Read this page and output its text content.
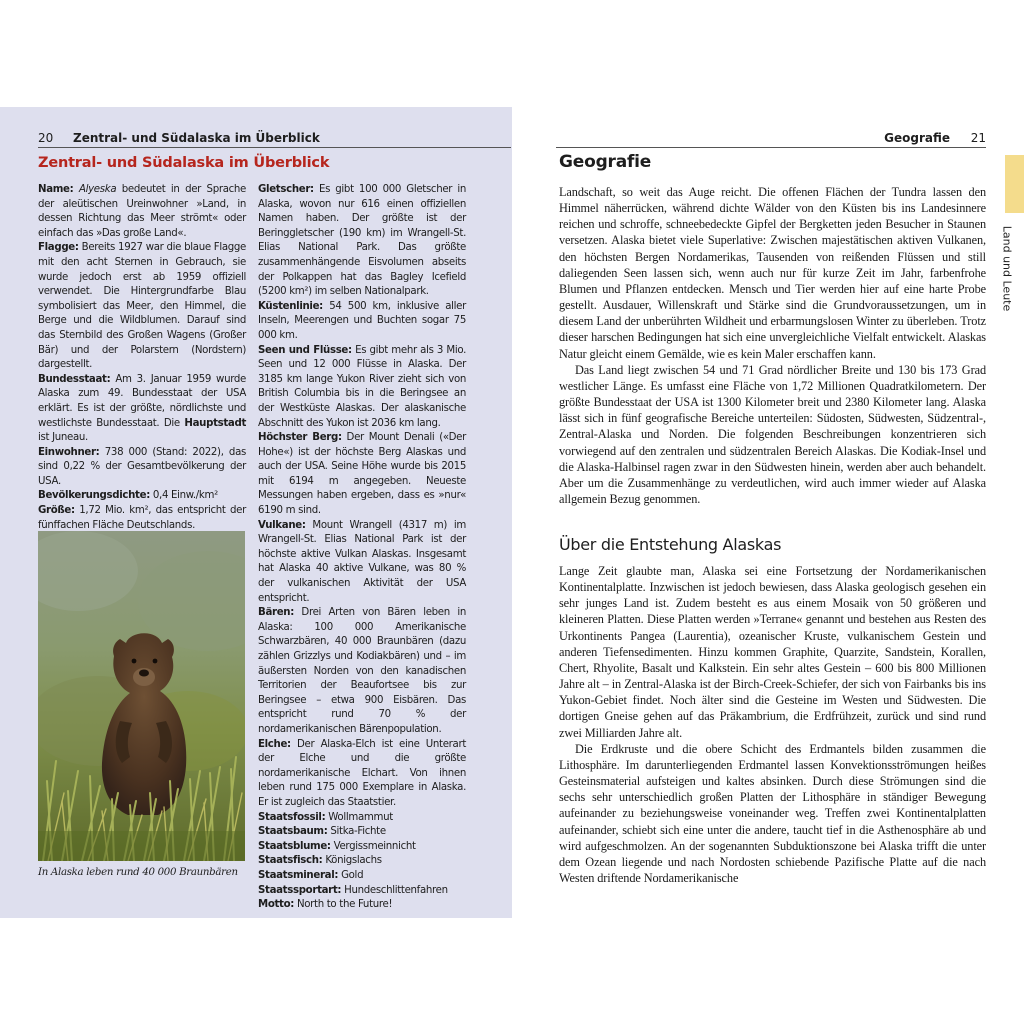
20 Zentral- und Südalaska im Überblick
Zentral- und Südalaska im Überblick

Name: Alyeska bedeutet in der Sprache der aleütischen Ureinwohner »Land, in dessen Richtung das Meer strömt« oder einfach das »Das große Land«.

Flagge: Bereits 1927 war die blaue Flagge mit den acht Sternen in Gebrauch, sie wurde jedoch erst ab 1959 offiziell verwendet. Die Hintergrundfarbe Blau symbolisiert das Meer, den Himmel, die Berge und die Wildblumen. Darauf sind das Sternbild des Großen Wagens (Großer Bär) und der Polarstern (Nordstern) dargestellt.

Bundesstaat: Am 3. Januar 1959 wurde Alaska zum 49. Bundesstaat der USA erklärt. Es ist der größte, nördlichste und westlichste Bundesstaat. Die Hauptstadt ist Juneau.

Einwohner: 738 000 (Stand: 2022), das sind 0,22 % der Gesamtbevölkerung der USA.

Bevölkerungsdichte: 0,4 Einw./km²

Größe: 1,72 Mio. km², das entspricht der fünffachen Fläche Deutschlands.

Gletscher: Es gibt 100 000 Gletscher in Alaska, wovon nur 616 einen offiziellen Namen haben. Der größte ist der Beringgletscher (190 km) im Wrangell-St. Elias National Park. Das größte zusammenhängende Eisvolumen abseits der Polkappen hat das Bagley Icefield (5200 km²) im selben Nationalpark.

Küstenlinie: 54 500 km, inklusive aller Inseln, Meerengen und Buchten sogar 75 000 km.

Seen und Flüsse: Es gibt mehr als 3 Mio. Seen und 12 000 Flüsse in Alaska. Der 3185 km lange Yukon River zieht sich von British Columbia bis in die Beringsee an der Westküste Alaskas. Der alaskanische Abschnitt des Yukon ist 2036 km lang.

Höchster Berg: Der Mount Denali («Der Hohe«) ist der höchste Berg Alaskas und auch der USA. Seine Höhe wurde bis 2015 mit 6194 m angegeben. Neueste Messungen haben ergeben, dass es »nur« 6190 m sind.

Vulkane: Mount Wrangell (4317 m) im Wrangell-St. Elias National Park ist der höchste aktive Vulkan Alaskas. Insgesamt hat Alaska 40 aktive Vulkane, was 80 % der vulkanischen Aktivität der USA entspricht.

Bären: Drei Arten von Bären leben in Alaska: 100 000 Amerikanische Schwarzbären, 40 000 Braunbären (dazu zählen Grizzlys und Kodiakbären) und – im äußersten Norden von den kanadischen Territorien der Beaufortsee bis zur Beringsee – etwa 900 Eisbären. Das entspricht rund 70 % der nordamerikanischen Bärenpopulation.

Elche: Der Alaska-Elch ist eine Unterart der Elche und die größte nordamerikanische Elchart. Von ihnen leben rund 175 000 Exemplare in Alaska. Er ist zugleich das Staatstier.

Staatsfossil: Wollmammut

Staatsbaum: Sitka-Fichte

Staatsblume: Vergissmeinnicht

Staatsfisch: Königslachs

Staatsmineral: Gold

Staatssportart: Hundeschlittenfahren

Motto: North to the Future!

In Alaska leben rund 40 000 Braunbären
Geografie	21
Land und Leute
Geografie

Landschaft, so weit das Auge reicht. Die offenen Flächen der Tundra lassen den Himmel näherrücken, während dichte Wälder von den Küsten bis ins Landesinnere reichen und schroffe, schneebedeckte Gipfel der Bergketten jeden Besucher in Staunen versetzen. Alaska bietet viele Superlative: Zwischen majestätischen aktiven Vulkanen, den höchsten Bergen Nordamerikas, Tausenden von reißenden Flüssen und still daliegenden Seen lassen sich, wenn auch nur für kurze Zeit im Jahr, farbenfrohe Blumen und Pflanzen entdecken. Mensch und Tier werden hier auf eine harte Probe gestellt. Ausdauer, Willenskraft und Stärke sind die Grundvoraussetzungen, um in diesem Land der unberührten Wildheit und erbarmungslosen Winter zu überleben. Trotz dieser harschen Bedingungen hat sich eine unvergleichliche Vielfalt entwickelt. Alaskas Natur gleicht einem Gemälde, wie es kein Maler erschaffen kann.

Das Land liegt zwischen 54 und 71 Grad nördlicher Breite und 130 bis 173 Grad westlicher Länge. Es umfasst eine Fläche von 1,72 Millionen Quadratkilometern. Der größte Bundesstaat der USA ist 1300 Kilometer breit und 2380 Kilometer lang. Alaska lässt sich in fünf geografische Bereiche unterteilen: Südosten, Südwesten, Südzentral-, Zentral-Alaska und Norden. Die folgenden Beschreibungen konzentrieren sich vorwiegend auf den zentralen und südzentralen Bereich Alaskas. Die Kodiak-Insel und die Alaska-Halbinsel ragen zwar in den Südwesten hinein, werden aber auch behandelt. Aber um die Zusammenhänge zu verdeutlichen, wird auch immer wieder auf Alaska allgemein Bezug genommen.

Über die Entstehung Alaskas

Lange Zeit glaubte man, Alaska sei eine Fortsetzung der Nordamerikanischen Kontinentalplatte. Inzwischen ist jedoch bewiesen, dass Alaska geologisch gesehen ein sehr junges Land ist. Zudem besteht es aus einem Mosaik von 50 größeren und kleineren Platten. Diese Platten werden »Terrane« genannt und bestehen aus Resten des Urkontinents Pangea (Laurentia), ozeanischer Kruste, vulkanischem Gestein und anderen Tiefensedimenten. Hinzu kommen Graphite, Quarzite, Sandstein, Korallen, Chert, Rhyolite, Basalt und Kalkstein. Ein sehr altes Gestein – 600 bis 800 Millionen Jahre alt – in Zentral-Alaska ist der Birch-Creek-Schiefer, der sich von Fairbanks bis ins Yukon-Gebiet findet. Noch älter sind die Gesteine im Westen und Südwesten. Die dortigen Gneise gehen auf das Präkambrium, die Erdfrühzeit, zurück und sind rund zwei Milliarden Jahre alt.

Die Erdkruste und die obere Schicht des Erdmantels bilden zusammen die Lithosphäre. Im darunterliegenden Erdmantel lassen Konvektionsströmungen heißes Gesteinsmaterial aufsteigen und kaltes absinken. Durch diese Strömungen sind die sechs sehr unterschiedlich großen Platten der Lithosphäre in ständiger Bewegung aufeinander zu beziehungsweise voneinander weg. Treffen zwei Kontinentalplatten aufeinander, schiebt sich eine unter die andere, taucht tief in die Asthenosphäre ab und wird aufgeschmolzen. An der sogenannten Subduktionszone bei Alaska trifft die unter dem Ozean liegende und nach Nordosten schiebende Pazifische Platte auf die nach Westen driftende Nordamerikanische
